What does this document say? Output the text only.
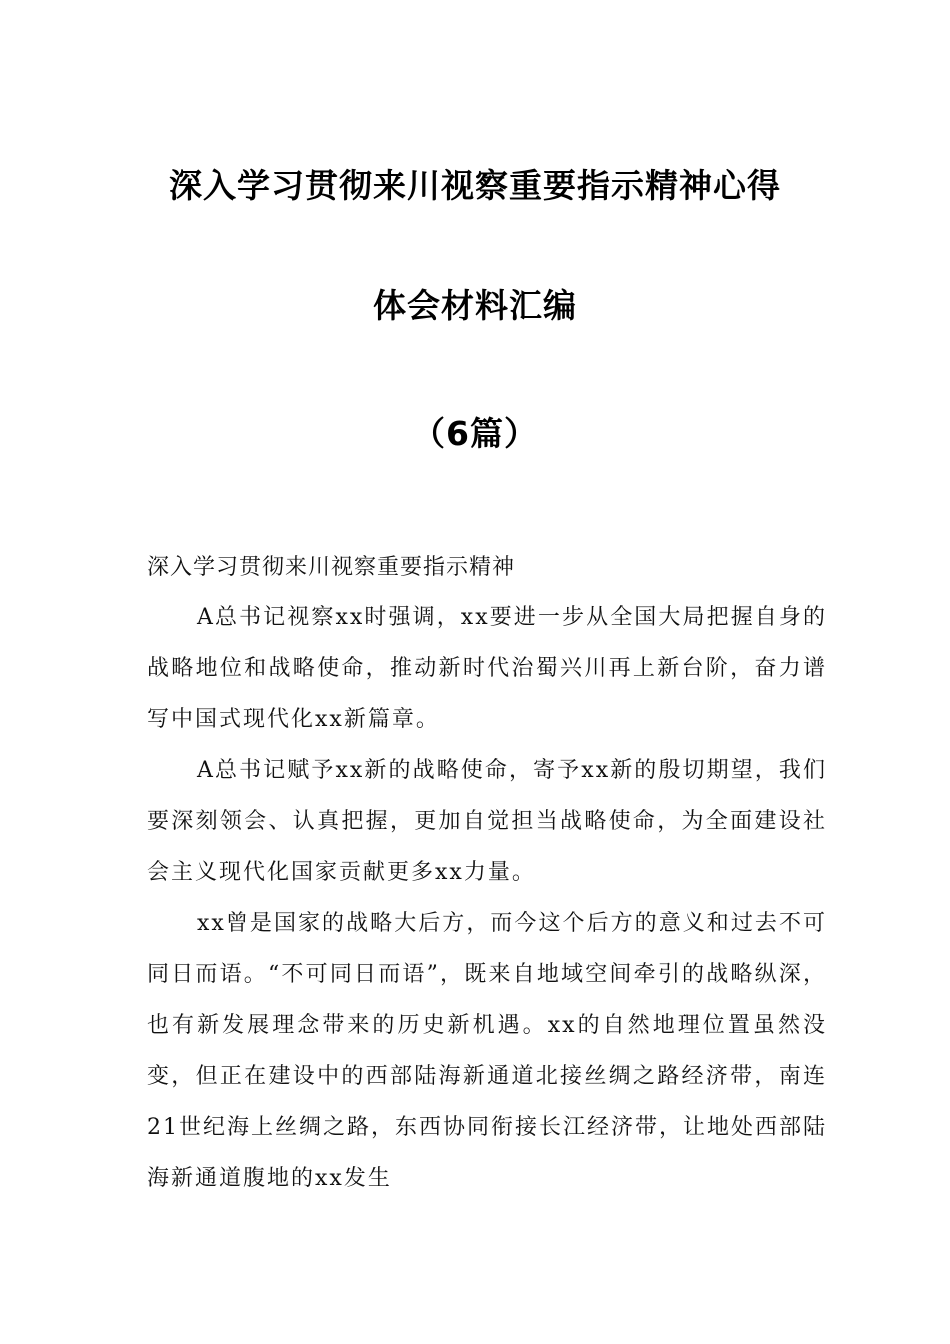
深入学习贯彻来川视察重要指示精神心得
体会材料汇编
（6篇）

深入学习贯彻来川视察重要指示精神

A总书记视察xx时强调，xx要进一步从全国大局把握自身的战略地位和战略使命，推动新时代治蜀兴川再上新台阶，奋力谱写中国式现代化xx新篇章。

A总书记赋予xx新的战略使命，寄予xx新的殷切期望，我们要深刻领会、认真把握，更加自觉担当战略使命，为全面建设社会主义现代化国家贡献更多xx力量。

xx曾是国家的战略大后方，而今这个后方的意义和过去不可同日而语。“不可同日而语”，既来自地域空间牵引的战略纵深，也有新发展理念带来的历史新机遇。xx的自然地理位置虽然没变，但正在建设中的西部陆海新通道北接丝绸之路经济带，南连21世纪海上丝绸之路，东西协同衔接长江经济带，让地处西部陆海新通道腹地的xx发生
